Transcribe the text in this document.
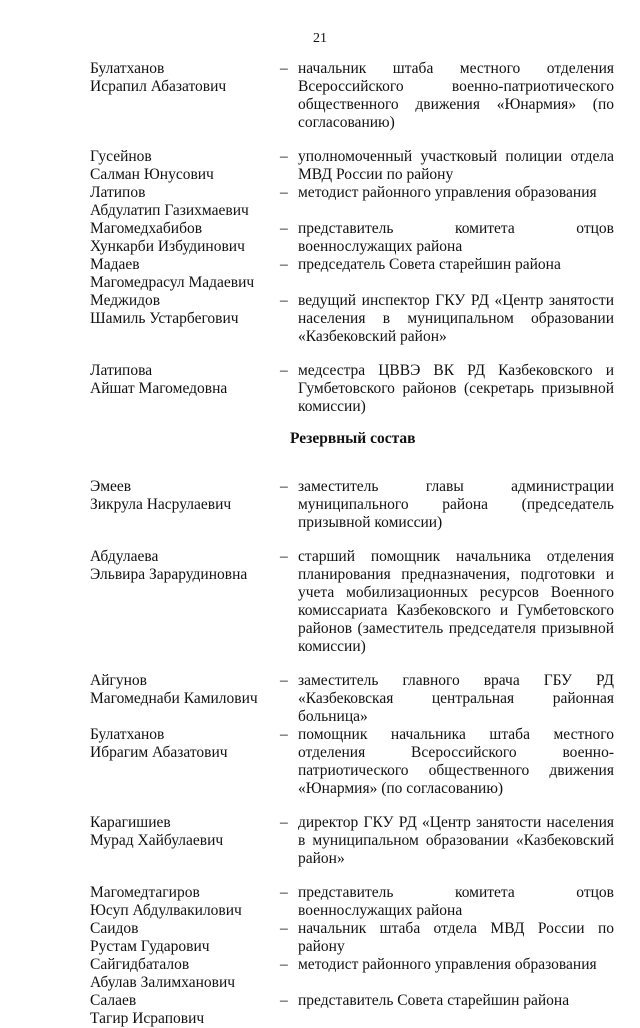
21
Булатханов
Исрапил Абазатович
– начальник штаба местного отделения Всероссийского военно-патриотического общественного движения «Юнармия» (по согласованию)
Гусейнов
Салман Юнусович
– уполномоченный участковый полиции отдела МВД России по району
Латипов
Абдулатип Газихмаевич
– методист районного управления образования
Магомедхабибов
Хункарби Избудинович
– представитель комитета отцов военнослужащих района
Мадаев
Магомедрасул Мадаевич
– председатель Совета старейшин района
Меджидов
Шамиль Устарбегович
– ведущий инспектор ГКУ РД «Центр занятости населения в муниципальном образовании «Казбековский район»
Латипова
Айшат Магомедовна
– медсестра ЦВВЭ ВК РД Казбековского и Гумбетовского районов (секретарь призывной комиссии)
Резервный состав
Эмеев
Зикрула Насрулаевич
– заместитель главы администрации муниципального района (председатель призывной комиссии)
Абдулаева
Эльвира Зарарудиновна
– старший помощник начальника отделения планирования предназначения, подготовки и учета мобилизационных ресурсов Военного комиссариата Казбековского и Гумбетовского районов (заместитель председателя призывной комиссии)
Айгунов
Магомеднаби Камилович
– заместитель главного врача ГБУ РД «Казбековская центральная районная больница»
Булатханов
Ибрагим Абазатович
– помощник начальника штаба местного отделения Всероссийского военно-патриотического общественного движения «Юнармия» (по согласованию)
Карагишиев
Мурад Хайбулаевич
– директор ГКУ РД «Центр занятости населения в муниципальном образовании «Казбековский район»
Магомедтагиров
Юсуп Абдулвакилович
– представитель комитета отцов военнослужащих района
Саидов
Рустам Гударович
– начальник штаба отдела МВД России по району
Сайгидбаталов
Абулав Залимханович
– методист районного управления образования
Салаев
Тагир Исрапович
– представитель Совета старейшин района
